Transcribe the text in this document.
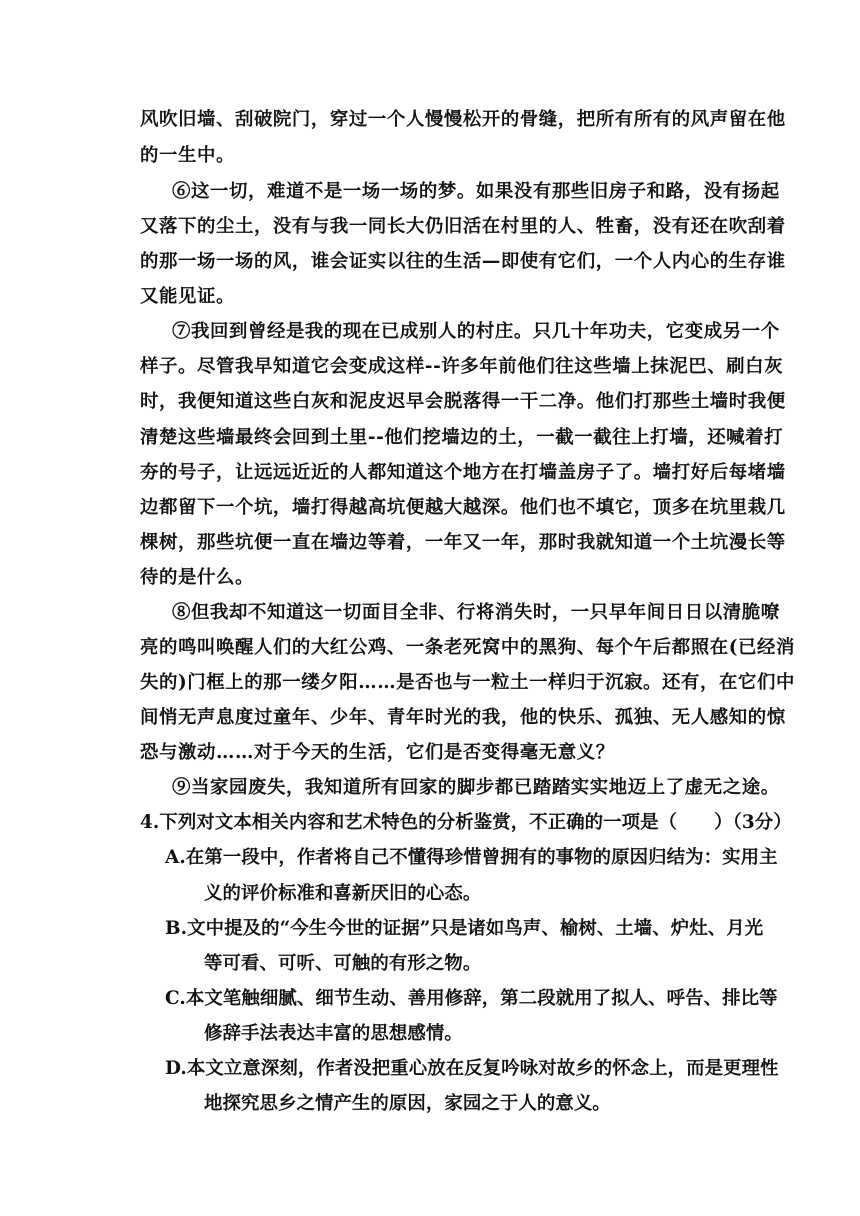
风吹旧墙、刮破院门，穿过一个人慢慢松开的骨缝，把所有所有的风声留在他
的一生中。
⑥这一切，难道不是一场一场的梦。如果没有那些旧房子和路，没有扬起
又落下的尘土，没有与我一同长大仍旧活在村里的人、牲畜，没有还在吹刮着
的那一场一场的风，谁会证实以往的生活—即使有它们，一个人内心的生存谁
又能见证。
⑦我回到曾经是我的现在已成别人的村庄。只几十年功夫，它变成另一个
样子。尽管我早知道它会变成这样--许多年前他们往这些墙上抹泥巴、刷白灰
时，我便知道这些白灰和泥皮迟早会脱落得一干二净。他们打那些土墙时我便
清楚这些墙最终会回到土里--他们挖墙边的土，一截一截往上打墙，还喊着打
夯的号子，让远远近近的人都知道这个地方在打墙盖房子了。墙打好后每堵墙
边都留下一个坑，墙打得越高坑便越大越深。他们也不填它，顶多在坑里栽几
棵树，那些坑便一直在墙边等着，一年又一年，那时我就知道一个土坑漫长等
待的是什么。
⑧但我却不知道这一切面目全非、行将消失时，一只早年间日日以清脆嘹
亮的鸣叫唤醒人们的大红公鸡、一条老死窝中的黑狗、每个午后都照在(已经消
失的)门框上的那一缕夕阳……是否也与一粒土一样归于沉寂。还有，在它们中
间悄无声息度过童年、少年、青年时光的我，他的快乐、孤独、无人感知的惊
恐与激动……对于今天的生活，它们是否变得毫无意义？
⑨当家园废失，我知道所有回家的脚步都已踏踏实实地迈上了虚无之途。
4.下列对文本相关内容和艺术特色的分析鉴赏，不正确的一项是（　　）（3分）
A.在第一段中，作者将自己不懂得珍惜曾拥有的事物的原因归结为：实用主
义的评价标准和喜新厌旧的心态。
B.文中提及的“今生今世的证据”只是诸如鸟声、榆树、土墙、炉灶、月光
等可看、可听、可触的有形之物。
C.本文笔触细腻、细节生动、善用修辞，第二段就用了拟人、呼告、排比等
修辞手法表达丰富的思想感情。
D.本文立意深刻，作者没把重心放在反复吟咏对故乡的怀念上，而是更理性
地探究思乡之情产生的原因，家园之于人的意义。
